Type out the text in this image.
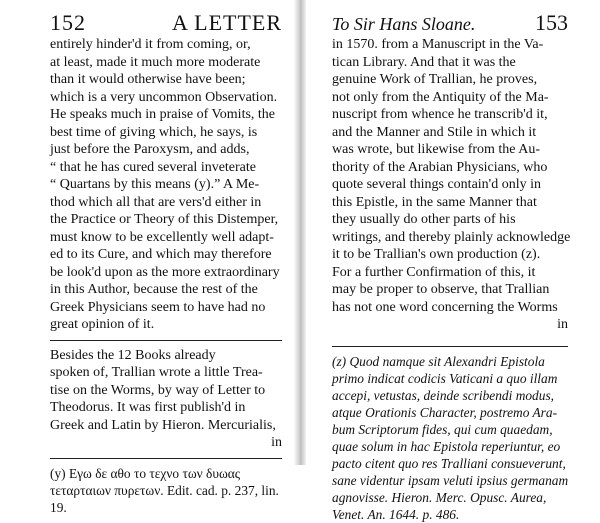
152	A LETTER
entirely hinder'd it from coming, or,
at least, made it much more moderate
than it would otherwise have been;
which is a very uncommon Observation.
He speaks much in praise of Vomits, the
best time of giving which, he says, is
just before the Paroxysm, and adds,
“ that he has cured several inveterate
“ Quartans by this means (y).” A Me-
thod which all that are vers'd either in
the Practice or Theory of this Distemper,
must know to be excellently well adapt-
ed to its Cure, and which may therefore
be look'd upon as the more extraordinary
in this Author, because the rest of the
Greek Physicians seem to have had no
great opinion of it.
Besides the 12 Books already
spoken of, Trallian wrote a little Trea-
tise on the Worms, by way of Letter to
Theodorus. It was first publish'd in
Greek and Latin by Hieron. Mercurialis,
in
(y) Εγω δε αθο το τεχνο των δυωας
τεταρταιων πυρετων. Edit. cad. p. 237, lin.
19.
To Sir Hans Sloane.	153
in 1570. from a Manuscript in the Va-
tican Library. And that it was the
genuine Work of Trallian, he proves,
not only from the Antiquity of the Ma-
nuscript from whence he transcrib'd it,
and the Manner and Stile in which it
was wrote, but likewise from the Au-
thority of the Arabian Physicians, who
quote several things contain'd only in
this Epistle, in the same Manner that
they usually do other parts of his
writings, and thereby plainly acknowledge
it to be Trallian's own production (z).
For a further Confirmation of this, it
may be proper to observe, that Trallian
has not one word concerning the Worms
in
(z) Quod namque sit Alexandri Epistola
primo indicat codicis Vaticani a quo illam
accepi, vetustas, deinde scribendi modus,
atque Orationis Character, postremo Ara-
bum Scriptorum fides, qui cum quaedam,
quae solum in hac Epistola reperiuntur, eo
pacto citent quo res Tralliani consueverunt,
sane videntur ipsam veluti ipsius germanam
agnovisse. Hieron. Merc. Opusc. Aurea,
Venet. An. 1644. p. 486.
